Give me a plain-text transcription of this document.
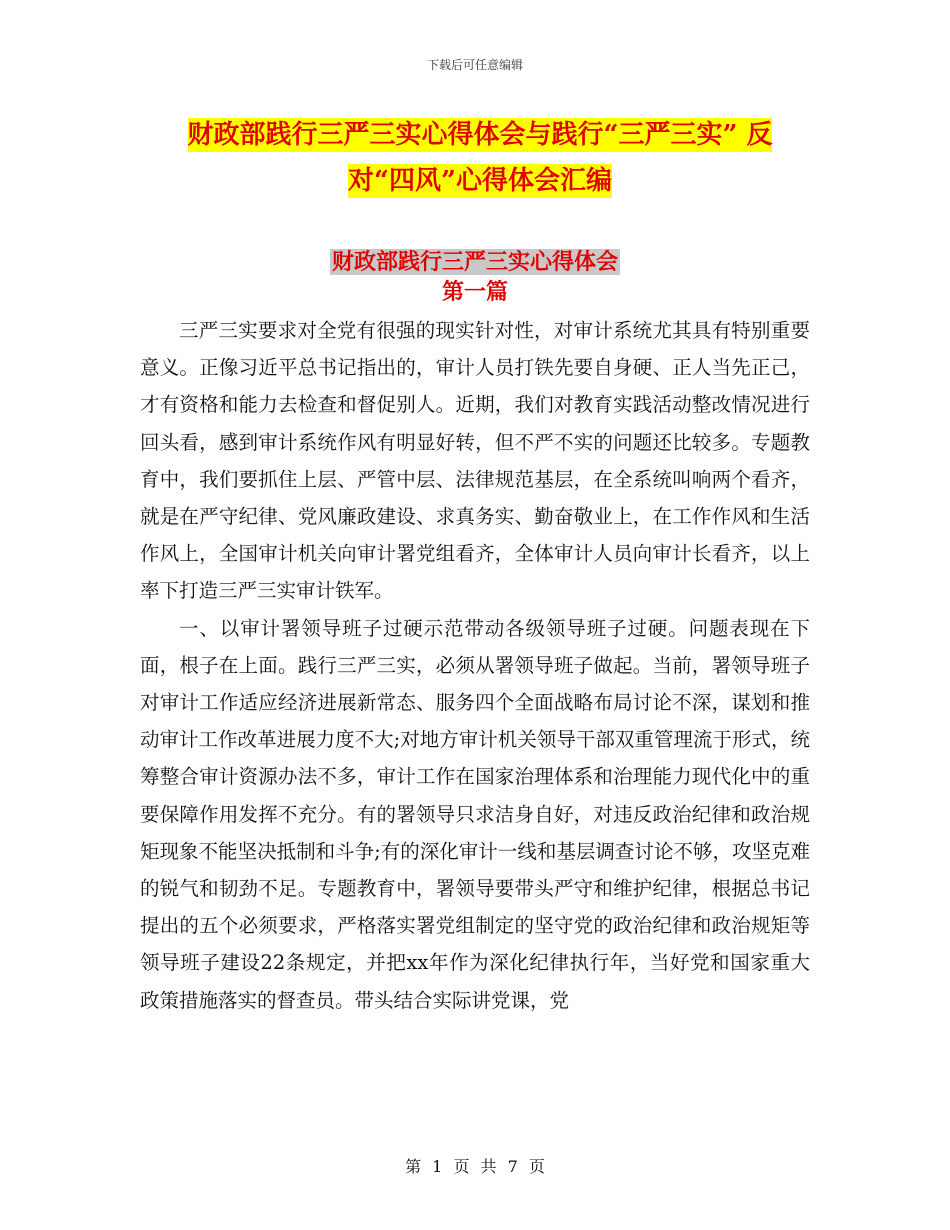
下载后可任意编辑
财政部践行三严三实心得体会与践行“三严三实” 反
对“四风”心得体会汇编
财政部践行三严三实心得体会
第一篇

三严三实要求对全党有很强的现实针对性，对审计系统尤其具有特别重要意义。正像习近平总书记指出的，审计人员打铁先要自身硬、正人当先正己，才有资格和能力去检查和督促别人。近期，我们对教育实践活动整改情况进行回头看，感到审计系统作风有明显好转，但不严不实的问题还比较多。专题教育中，我们要抓住上层、严管中层、法律规范基层，在全系统叫响两个看齐，就是在严守纪律、党风廉政建设、求真务实、勤奋敬业上，在工作作风和生活作风上，全国审计机关向审计署党组看齐，全体审计人员向审计长看齐，以上率下打造三严三实审计铁军。

一、以审计署领导班子过硬示范带动各级领导班子过硬。问题表现在下面，根子在上面。践行三严三实，必须从署领导班子做起。当前，署领导班子对审计工作适应经济进展新常态、服务四个全面战略布局讨论不深，谋划和推动审计工作改革进展力度不大;对地方审计机关领导干部双重管理流于形式，统筹整合审计资源办法不多，审计工作在国家治理体系和治理能力现代化中的重要保障作用发挥不充分。有的署领导只求洁身自好，对违反政治纪律和政治规矩现象不能坚决抵制和斗争;有的深化审计一线和基层调查讨论不够，攻坚克难的锐气和韧劲不足。专题教育中，署领导要带头严守和维护纪律，根据总书记提出的五个必须要求，严格落实署党组制定的坚守党的政治纪律和政治规矩等领导班子建设22条规定，并把xx年作为深化纪律执行年，当好党和国家重大政策措施落实的督查员。带头结合实际讲党课，党

第 1 页 共 7 页
